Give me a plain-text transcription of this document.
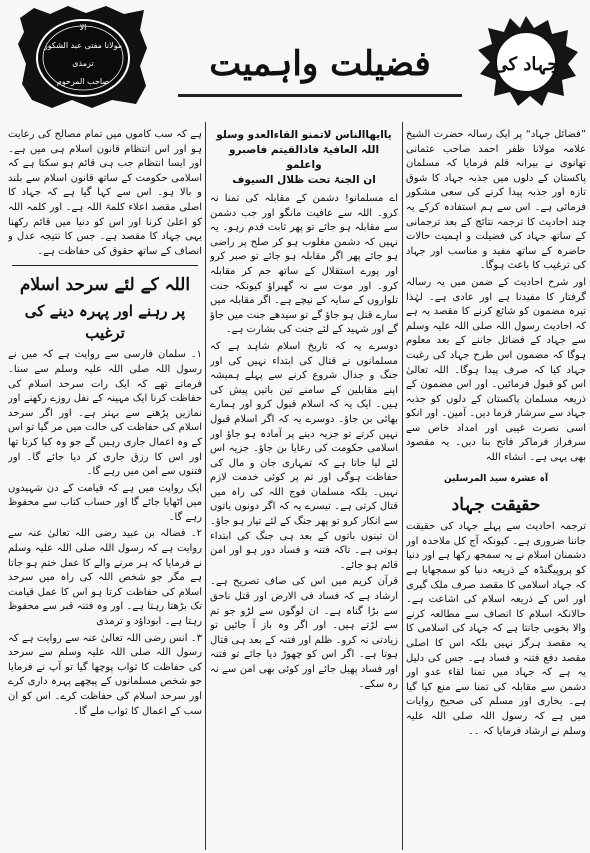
الا
مولانا مفتی عبد الشکور
ترمذی
صاحب المرحوم	فضیلت واہمیت	جہاد کی

”فضائل جہاد“ پر ایک رسالہ حضرت الشیخ علامہ مولانا ظفر احمد صاحب عثمانی تھانوی نے بیرانہ قلم فرمایا کہ مسلمان پاکستان کے دلوں میں جذبہ جہاد کا شوق تازہ اور جذبہ پیدا کرنے کی سعی مشکور فرمائی ہے۔ اس سے ہم استفادہ کرکے یہ چند احادیث کا ترجمہ نتائج کے بعد ترجمانی کے ساتھ جہاد کی فضیلت و اہمیت حالات حاضرہ کے ساتھ مفید و مناسب اور جہاد کی ترغیب کا باعث ہوگا۔

اور شرح احادیث کے ضمن میں یہ رسالہ گرفتار کا مفیدنا ہے اور عادی ہے۔ لہٰذا تیرہ مضمون کو شائع کرنے کا مقصد یہ ہے کہ احادیث رسول اللہ صلی اللہ علیہ وسلم سے جہاد کے فضائل جاننے کے بعد معلوم ہوگا کہ مضمون اس طرح جہاد کی رغبت جہاد کیا کہ صرف پیدا ہوگا۔ اللہ تعالیٰ اس کو قبول فرمائیں۔ اور اس مضمون کے ذریعہ مسلمان پاکستان کے دلوں کو جذبہ جہاد سے سرشار فرما دیں۔ آمین۔ اور انکو اسی نصرت غیبی اور امداد خاص سے سرفراز فرماکر فاتح بنا دیں۔ یہ مقصود بھی یہی ہے۔ انشاء اللہ

آہ عشرہ سید المرسلین

حقیقت جہاد

ترجمہ احادیث سے پہلے جہاد کی حقیقت جاننا ضروری ہے۔ کیونکہ آج کل ملاحدہ اور دشمنان اسلام نے یہ سمجھ رکھا ہے اور دنیا کو پروپیگنڈہ کے ذریعہ دنیا کو سمجھایا ہے کہ جہاد اسلامی کا مقصد صرف ملک گیری اور اس کے ذریعہ اسلام کی اشاعت ہے۔ حالانکہ اسلام کا انصاف سے مطالعہ کرنے والا بخوبی جانتا ہے کہ جہاد کی اسلامی کا یہ مقصد ہرگز نہیں بلکہ اس کا اصلی مقصد دفع فتنہ و فساد ہے۔ جس کی دلیل یہ ہے کہ جہاد میں تمنا لقاء عدو اور دشمن سے مقابلہ کی تمنا سے منع کیا گیا ہے۔ بخاری اور مسلم کی صحیح روایات میں ہے کہ رسول اللہ صلی اللہ علیہ وسلم نے ارشاد فرمایا کہ ۔۔

یاایھاالناس لاتمنو القاءالعدو وسلو
اللہ العافیۃ فاذالقیتم فاصبرو واعلمو
ان الجنۃ تحت ظلال السیوف

اے مسلمانو! دشمن کے مقابلہ کی تمنا نہ کرو۔ اللہ سے عافیت مانگو اور جب دشمن سے مقابلہ ہو جائے تو پھر ثابت قدم رہو۔ یہ نہیں کہ دشمن مغلوب ہو کر صلح پر راضی ہو جائے پھر اگر مقابلہ ہو جائے تو صبر کرو اور پورے استقلال کے ساتھ جم کر مقابلہ کرو۔ اور موت سے نہ گھبراؤ کیونکہ جنت تلواروں کے سایہ کے نیچے ہے۔ اگر مقابلہ میں سارے قتل ہو جاؤ گے تو سیدھے جنت میں جاؤ گے اور شہید کے لئے جنت کی بشارت ہے۔

دوسرے یہ کہ تاریخ اسلام شاہد ہے کہ مسلمانوں نے قتال کی ابتداء نہیں کی اور جنگ و جدال شروع کرنے سے پہلے ہمیشہ اپنے مقابلین کے سامنے تین باتیں پیش کی ہیں۔ ایک یہ کہ اسلام قبول کرو اور ہمارے بھائی بن جاؤ۔ دوسرے یہ کہ اگر اسلام قبول نہیں کرتے تو جزیہ دینے پر آمادہ ہو جاؤ اور اسلامی حکومت کی رعایا بن جاؤ۔ جزیہ اس لئے لیا جاتا ہے کہ تمہاری جان و مال کی حفاظت ہوگی اور تم پر کوئی خدمت لازم نہیں۔ بلکہ مسلمان فوج اللہ کی راہ میں قتال کرتی ہے۔ تیسرے یہ کہ اگر دونوں باتوں سے انکار کرو تو پھر جنگ کے لئے تیار ہو جاؤ۔ ان تینوں باتوں کے بعد ہی جنگ کی ابتداء ہوتی ہے۔ تاکہ فتنہ و فساد دور ہو اور امن قائم ہو جائے۔

قرآن کریم میں اس کی صاف تصریح ہے۔ ارشاد ہے کہ فساد فی الارض اور قتل ناحق سے بڑا گناہ ہے۔ ان لوگوں سے لڑو جو تم سے لڑتے ہیں۔ اور اگر وہ باز آ جائیں تو زیادتی نہ کرو۔ ظلم اور فتنہ کے بعد ہی قتال ہوتا ہے۔ اگر اس کو چھوڑ دیا جائے تو فتنہ اور فساد پھیل جائے اور کوئی بھی امن سے نہ رہ سکے۔

ہے کہ سب کاموں میں تمام مصالح کی رعایت ہو اور اس انتظام قانون اسلام ہی میں ہے۔ اور ایسا انتظام جب ہی قائم ہو سکتا ہے کہ اسلامی حکومت کے ساتھ قانون اسلام سے بلند و بالا ہو۔ اس سے کہا گیا ہے کہ جہاد کا اصلی مقصد اعلاء کلمۃ اللہ ہے۔ اور کلمہ اللہ کو اعلیٰ کرنا اور اس کو دنیا میں قائم رکھنا یہی جہاد کا مقصد ہے۔ جس کا نتیجہ عدل و انصاف کے ساتھ حقوق کی حفاظت ہے۔

اللہ کے لئے سرحد اسلام

پر رہنے اور پہرہ دینے کی ترغیب

۱۔ سلمان فارسی سے روایت ہے کہ میں نے رسول اللہ صلی اللہ علیہ وسلم سے سنا۔ فرماتے تھے کہ ایک رات سرحد اسلام کی حفاظت کرنا ایک مہینہ کے نفل روزے رکھنے اور نمازیں پڑھنے سے بہتر ہے۔ اور اگر سرحد اسلام کی حفاظت کی حالت میں مر گیا تو اس کے وہ اعمال جاری رہیں گے جو وہ کیا کرتا تھا اور اس کا رزق جاری کر دیا جائے گا۔ اور فتنوں سے امن میں رہے گا۔

ایک روایت میں ہے کہ قیامت کے دن شہیدوں میں اٹھایا جائے گا اور حساب کتاب سے محفوظ رہے گا۔

۲۔ فضالہ بن عبید رضی اللہ تعالیٰ عنہ سے روایت ہے کہ رسول اللہ صلی اللہ علیہ وسلم نے فرمایا کہ ہر مرنے والے کا عمل ختم ہو جاتا ہے مگر جو شخص اللہ کی راہ میں سرحد اسلام کی حفاظت کرتا ہو اس کا عمل قیامت تک بڑھتا رہتا ہے۔ اور وہ فتنہ قبر سے محفوظ رہتا ہے۔ ابوداؤد و ترمذی

۳۔ انس رضی اللہ تعالیٰ عنہ سے روایت ہے کہ رسول اللہ صلی اللہ علیہ وسلم سے سرحد کی حفاظت کا ثواب پوچھا گیا تو آپ نے فرمایا جو شخص مسلمانوں کے پیچھے پہرہ داری کرے اور سرحد اسلام کی حفاظت کرے۔ اس کو ان سب کے اعمال کا ثواب ملے گا۔
